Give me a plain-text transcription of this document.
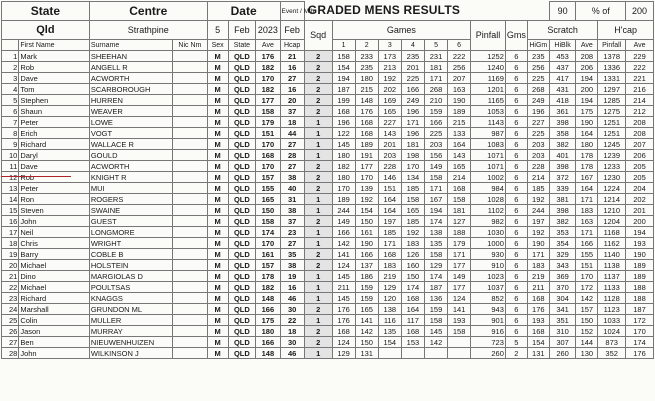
State		Centre		Date			Event / Mth	GRADED MENS RESULTS										90	% of		200
Qld		Strathpine		5	Feb	2023	Feb	Sqd	Games						Pinfall	Gms	Scratch			H'cap	
	First Name	Surname	Nic Nm	Sex	State	Ave	Hcap		1	2	3	4	5	6			HiGm	HiBlk	Ave	Pinfall	Ave
1	Mark	SHEEHAN		M	QLD	176	21	2	158	233	173	235	231	222	1252	6	235	453	208	1378	229
2	Rob	ANGELL R		M	QLD	182	16	2	154	235	213	201	181	256	1240	6	256	437	206	1336	222
3	Dave	ACWORTH		M	QLD	170	27	2	194	180	192	225	171	207	1169	6	225	417	194	1331	221
4	Tom	SCARBOROUGH		M	QLD	182	16	2	187	215	202	166	268	163	1201	6	268	431	200	1297	216
5	Stephen	HURREN		M	QLD	177	20	2	199	148	169	249	210	190	1165	6	249	418	194	1285	214
6	Shaun	WEAVER		M	QLD	158	37	2	168	176	165	196	159	189	1053	6	196	361	175	1275	212
7	Peter	LOWE		M	QLD	179	18	1	196	168	227	171	166	215	1143	6	227	398	190	1251	208
8	Erich	VOGT		M	QLD	151	44	1	122	168	143	196	225	133	987	6	225	358	164	1251	208
9	Richard	WALLACE R		M	QLD	170	27	1	145	189	201	181	203	164	1083	6	203	382	180	1245	207
10	Daryl	GOULD		M	QLD	168	28	1	180	191	203	198	156	143	1071	6	203	401	178	1239	206
11	Dave	ACWORTH		M	QLD	170	27	2	182	177	228	170	149	165	1071	6	228	398	178	1233	205
12	Rob	KNIGHT R		M	QLD	157	38	2	180	170	146	134	158	214	1002	6	214	372	167	1230	205
13	Peter	MUI		M	QLD	155	40	2	170	139	151	185	171	168	984	6	185	339	164	1224	204
14	Ron	ROGERS		M	QLD	165	31	1	189	192	164	158	167	158	1028	6	192	381	171	1214	202
15	Steven	SWAINE		M	QLD	150	38	1	244	154	164	165	194	181	1102	6	244	398	183	1210	201
16	John	GUEST		M	QLD	158	37	2	149	150	197	185	174	127	982	6	197	382	163	1204	200
17	Neil	LONGMORE		M	QLD	174	23	1	166	161	185	192	138	188	1030	6	192	353	171	1168	194
18	Chris	WRIGHT		M	QLD	170	27	1	142	190	171	183	135	179	1000	6	190	354	166	1162	193
19	Barry	COBLE B		M	QLD	161	35	2	141	166	168	126	158	171	930	6	171	329	155	1140	190
20	Michael	HOLSTEIN		M	QLD	157	38	2	124	137	183	160	129	177	910	6	183	343	151	1138	189
21	Dino	MARGIOLAS D		M	QLD	178	19	1	145	186	219	150	174	149	1023	6	219	369	170	1137	189
22	Michael	POULTSAS		M	QLD	182	16	1	211	159	129	174	187	177	1037	6	211	370	172	1133	188
23	Richard	KNAGGS		M	QLD	148	46	1	145	159	120	168	136	124	852	6	168	304	142	1128	188
24	Marshall	GRUNDON ML		M	QLD	166	30	2	176	165	138	164	159	141	943	6	176	341	157	1123	187
25	Colin	MULLER		M	QLD	175	22	1	176	141	116	117	158	193	901	6	193	351	150	1033	172
26	Jason	MURRAY		M	QLD	180	18	2	168	142	135	168	145	158	916	6	168	310	152	1024	170
27	Ben	NIEUWENHUIZEN		M	QLD	166	30	2	124	150	154	153	142		723	5	154	307	144	873	174
28	John	WILKINSON J		M	QLD	148	46	1	129	131					260	2	131	260	130	352	176
